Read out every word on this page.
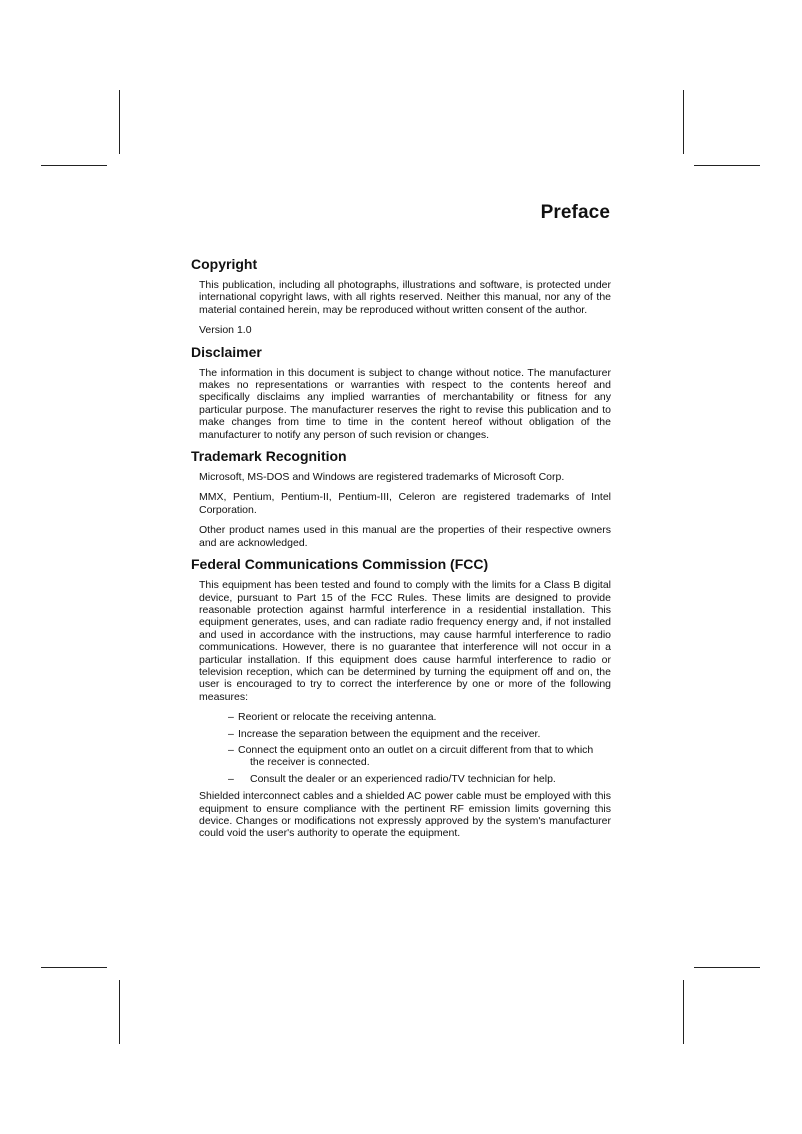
Preface
Copyright

This publication, including all photographs, illustrations and software, is protected under international copyright laws, with all rights reserved. Neither this manual, nor any of the material contained herein, may be reproduced without written consent of the author.

Version 1.0

Disclaimer

The information in this document is subject to change without notice. The manufacturer makes no representations or warranties with respect to the contents hereof and specifically disclaims any implied warranties of merchantability or fitness for any particular purpose. The manufacturer reserves the right to revise this publication and to make changes from time to time in the content hereof without obligation of the manufacturer to notify any person of such revision or changes.

Trademark Recognition

Microsoft, MS-DOS and Windows are registered trademarks of Microsoft Corp.

MMX, Pentium, Pentium-II, Pentium-III, Celeron are registered trademarks of Intel Corporation.

Other product names used in this manual are the properties of their respective owners and are acknowledged.

Federal Communications Commission (FCC)

This equipment has been tested and found to comply with the limits for a Class B digital device, pursuant to Part 15 of the FCC Rules. These limits are designed to provide reasonable protection against harmful interference in a residential installation. This equipment generates, uses, and can radiate radio frequency energy and, if not installed and used in accordance with the instructions, may cause harmful interference to radio communications. However, there is no guarantee that interference will not occur in a particular installation. If this equipment does cause harmful interference to radio or television reception, which can be determined by turning the equipment off and on, the user is encouraged to try to correct the interference by one or more of the following measures:

– Reorient or relocate the receiving antenna.
– Increase the separation between the equipment and the receiver.
– Connect the equipment onto an outlet on a circuit different from that to which
the receiver is connected.
– Consult the dealer or an experienced radio/TV technician for help.

Shielded interconnect cables and a shielded AC power cable must be employed with this equipment to ensure compliance with the pertinent RF emission limits governing this device. Changes or modifications not expressly approved by the system's manufacturer could void the user's authority to operate the equipment.
